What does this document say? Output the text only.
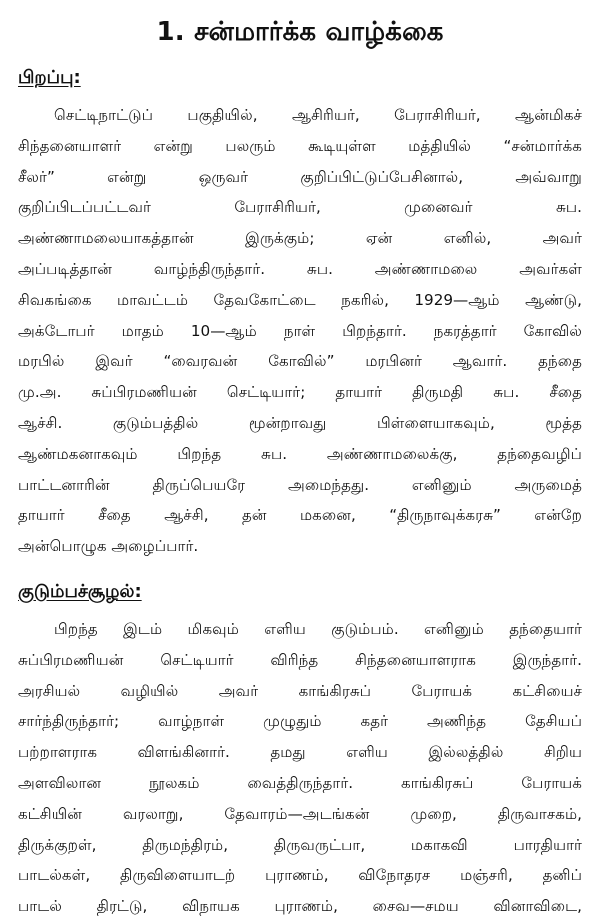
1. சன்மார்க்க வாழ்க்கை
பிறப்பு:

செட்டிநாட்டுப் பகுதியில், ஆசிரியர், பேராசிரியர், ஆன்மிகச்
சிந்தனையாளர் என்று பலரும் கூடியுள்ள மத்தியில் “சன்மார்க்க
சீலர்” என்று ஒருவர் குறிப்பிட்டுப்பேசினால், அவ்வாறு
குறிப்பிடப்பட்டவர் பேராசிரியர், முனைவர் சுப.
அண்ணாமலையாகத்தான் இருக்கும்; ஏன் எனில், அவர்
அப்படித்தான் வாழ்ந்திருந்தார். சுப. அண்ணாமலை அவர்கள்
சிவகங்கை மாவட்டம் தேவகோட்டை நகரில், 1929—ஆம் ஆண்டு,
அக்டோபர் மாதம் 10—ஆம் நாள் பிறந்தார். நகரத்தார் கோவில்
மரபில் இவர் “வைரவன் கோவில்” மரபினர் ஆவார். தந்தை
மு.அ. சுப்பிரமணியன் செட்டியார்; தாயார் திருமதி சுப. சீதை
ஆச்சி. குடும்பத்தில் மூன்றாவது பிள்ளையாகவும், மூத்த
ஆண்மகனாகவும் பிறந்த சுப. அண்ணாமலைக்கு, தந்தைவழிப்
பாட்டனாரின் திருப்பெயரே அமைந்தது. எனினும் அருமைத்
தாயார் சீதை ஆச்சி, தன் மகனை, “திருநாவுக்கரசு” என்றே
அன்பொழுக அழைப்பார்.

குடும்பச்சூழல்:

பிறந்த இடம் மிகவும் எளிய குடும்பம். எனினும் தந்தையார்
சுப்பிரமணியன் செட்டியார் விரிந்த சிந்தனையாளராக இருந்தார்.
அரசியல் வழியில் அவர் காங்கிரசுப் பேராயக் கட்சியைச்
சார்ந்திருந்தார்; வாழ்நாள் முழுதும் கதர் அணிந்த தேசியப்
பற்றாளராக விளங்கினார். தமது எளிய இல்லத்தில் சிறிய
அளவிலான நூலகம் வைத்திருந்தார். காங்கிரசுப் பேராயக்
கட்சியின் வரலாறு, தேவாரம்—அடங்கன் முறை, திருவாசகம்,
திருக்குறள், திருமந்திரம், திருவருட்பா, மகாகவி பாரதியார்
பாடல்கள், திருவிளையாடற் புராணம், விநோதரச மஞ்சரி, தனிப்
பாடல் திரட்டு, விநாயக புராணம், சைவ—சமய வினாவிடை,
